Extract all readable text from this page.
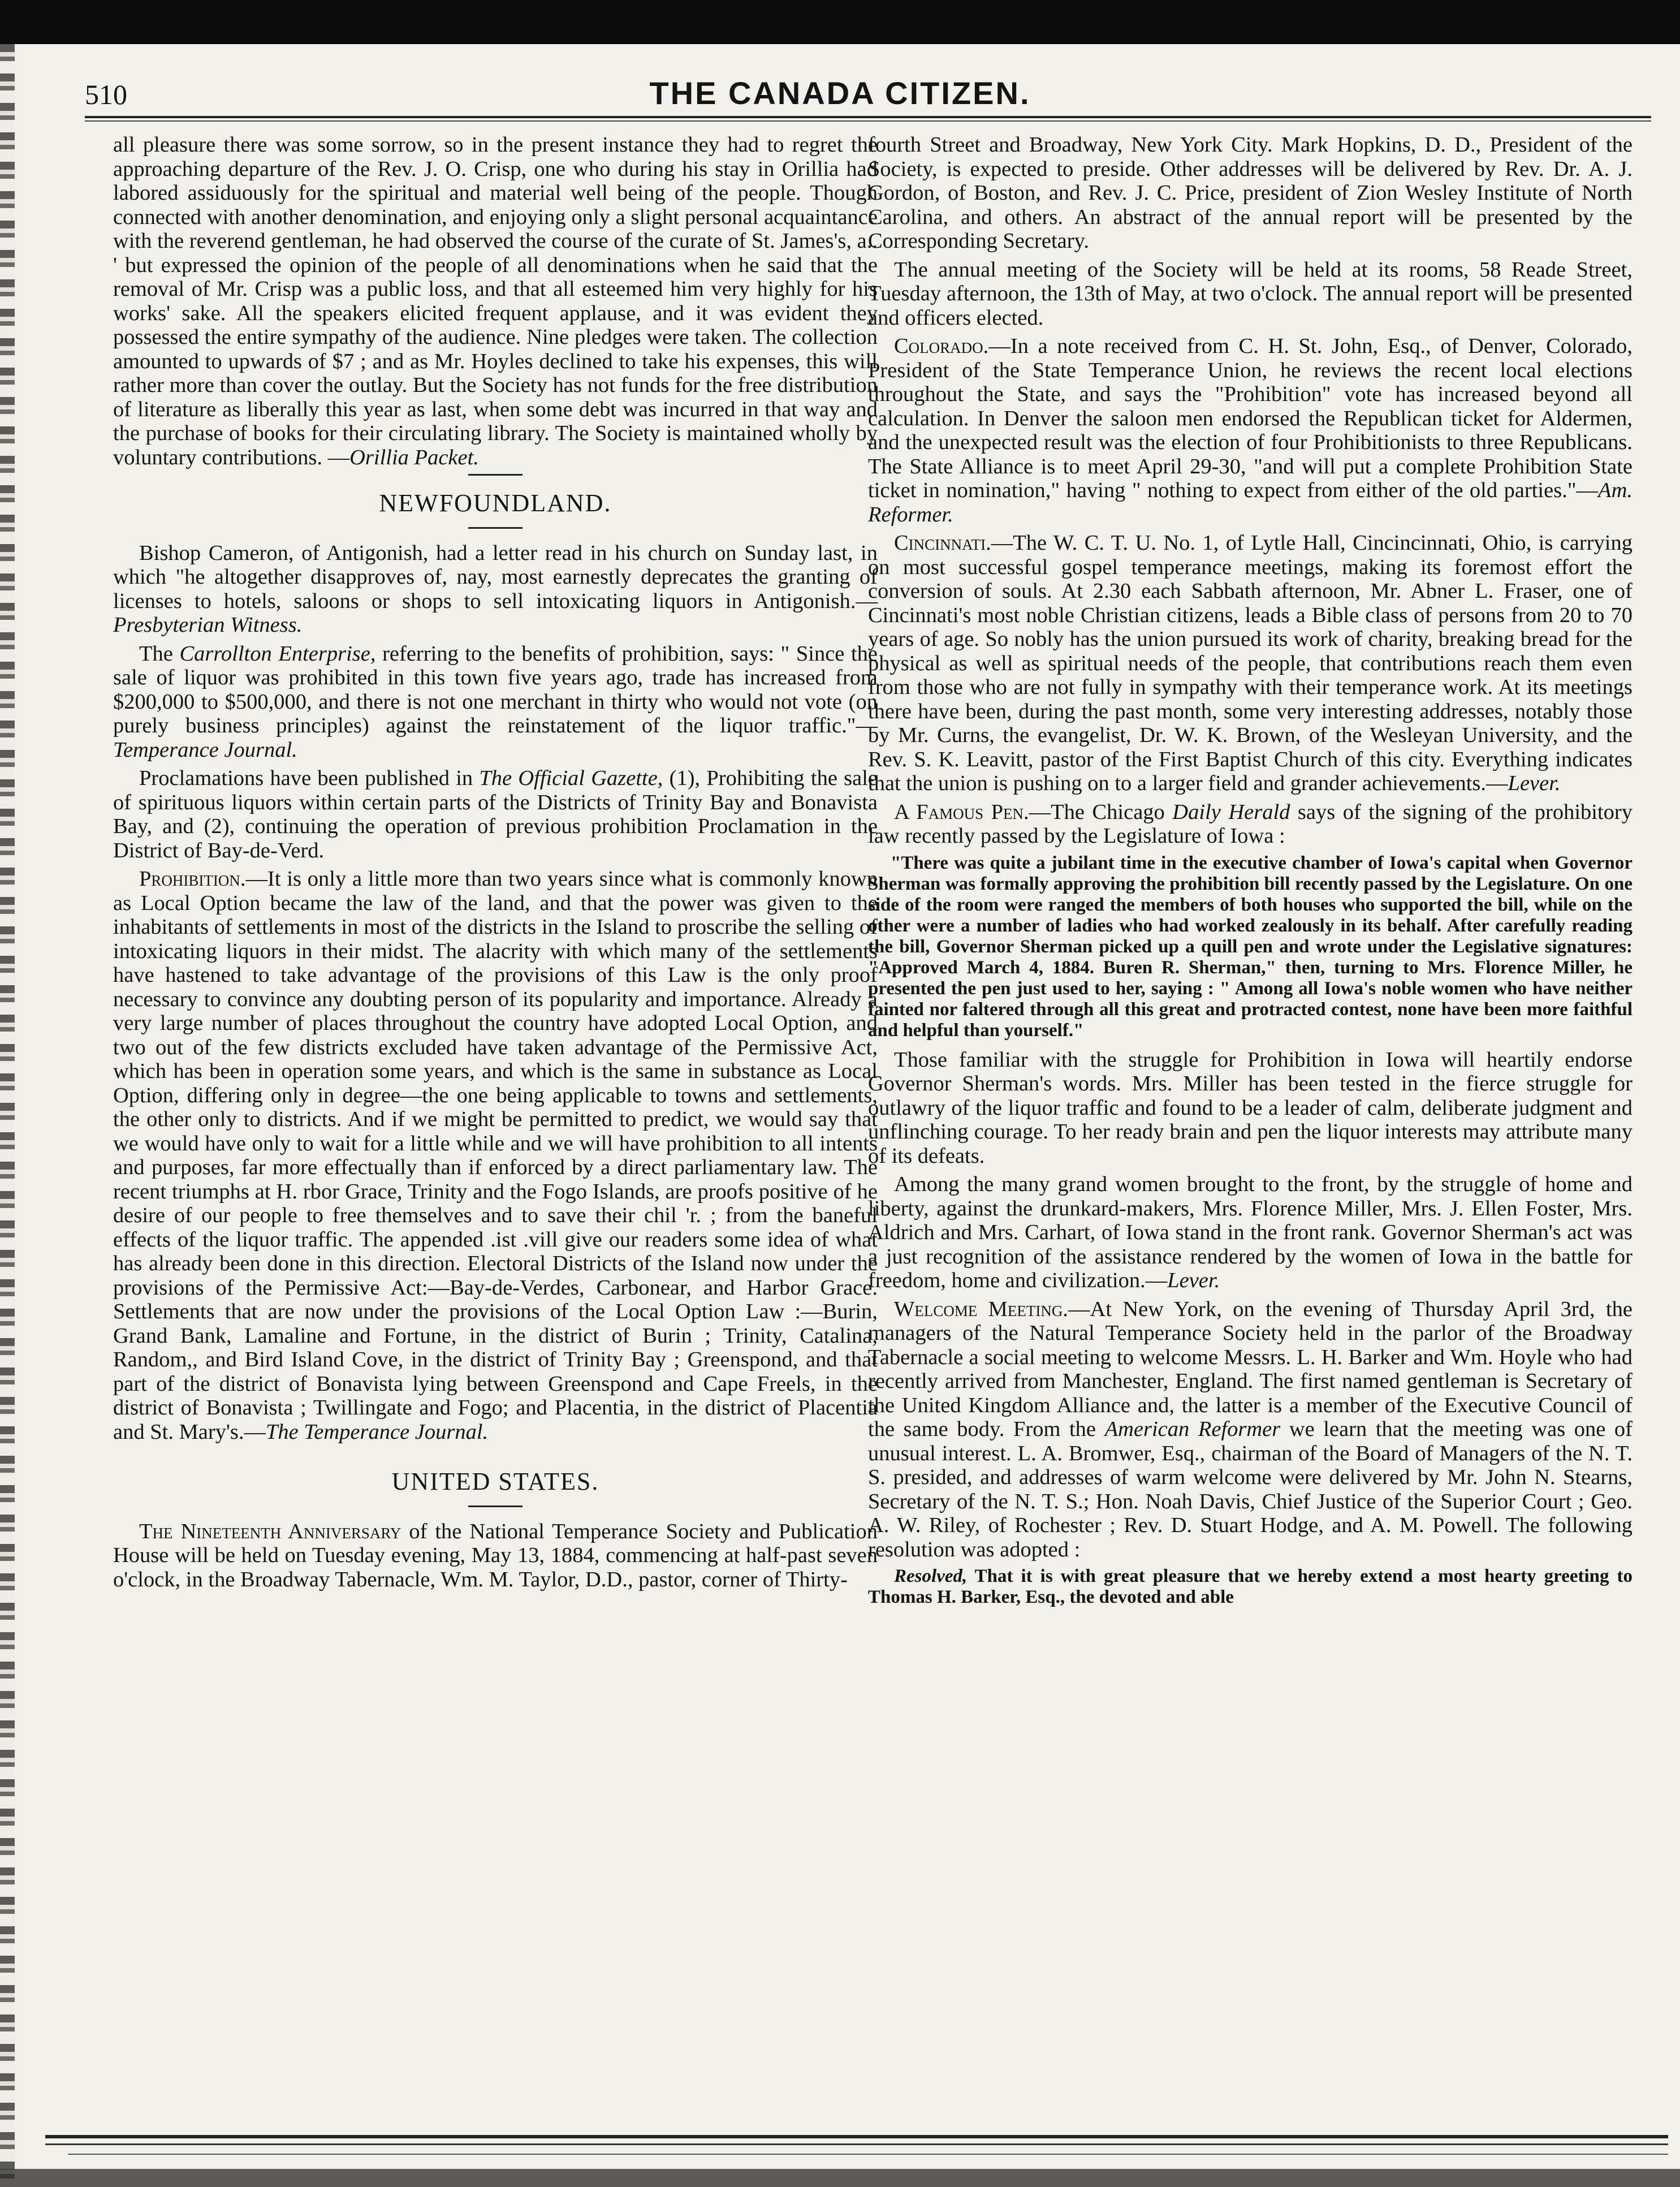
510	THE CANADA CITIZEN.

all pleasure there was some sorrow, so in the present instance they had to regret the approaching departure of the Rev. J. O. Crisp, one who during his stay in Orillia had labored assiduously for the spiritual and material well being of the people. Though connected with another denomination, and enjoying only a slight personal acquaintance with the reverend gentleman, he had observed the course of the curate of St. James's, a.. ' but expressed the opinion of the people of all denominations when he said that the removal of Mr. Crisp was a public loss, and that all esteemed him very highly for his works' sake. All the speakers elicited frequent applause, and it was evident they possessed the entire sympathy of the audience. Nine pledges were taken. The collection amounted to upwards of $7 ; and as Mr. Hoyles declined to take his expenses, this will rather more than cover the outlay. But the Society has not funds for the free distribution of literature as liberally this year as last, when some debt was incurred in that way and the purchase of books for their circulating library. The Society is maintained wholly by voluntary contributions. —Orillia Packet.

NEWFOUNDLAND.

Bishop Cameron, of Antigonish, had a letter read in his church on Sunday last, in which "he altogether disapproves of, nay, most earnestly deprecates the granting of licenses to hotels, saloons or shops to sell intoxicating liquors in Antigonish.—Presbyterian Witness.

The Carrollton Enterprise, referring to the benefits of prohibition, says: " Since the sale of liquor was prohibited in this town five years ago, trade has increased from $200,000 to $500,000, and there is not one merchant in thirty who would not vote (on purely business principles) against the reinstatement of the liquor traffic."—Temperance Journal.

Proclamations have been published in The Official Gazette, (1), Prohibiting the sale of spirituous liquors within certain parts of the Districts of Trinity Bay and Bonavista Bay, and (2), continuing the operation of previous prohibition Proclamation in the District of Bay-de-Verd.

Prohibition.—It is only a little more than two years since what is commonly known as Local Option became the law of the land, and that the power was given to the inhabitants of settlements in most of the districts in the Island to proscribe the selling of intoxicating liquors in their midst. The alacrity with which many of the settlements have hastened to take advantage of the provisions of this Law is the only proof necessary to convince any doubting person of its popularity and importance. Already a very large number of places throughout the country have adopted Local Option, and two out of the few districts excluded have taken advantage of the Permissive Act, which has been in operation some years, and which is the same in substance as Local Option, differing only in degree—the one being applicable to towns and settlements, the other only to districts. And if we might be permitted to predict, we would say that we would have only to wait for a little while and we will have prohibition to all intents and purposes, far more effectually than if enforced by a direct parliamentary law. The recent triumphs at H. rbor Grace, Trinity and the Fogo Islands, are proofs positive of he desire of our people to free themselves and to save their chil 'r. ; from the baneful effects of the liquor traffic. The appended .ist .vill give our readers some idea of what has already been done in this direction. Electoral Districts of the Island now under the provisions of the Permissive Act:—Bay-de-Verdes, Carbonear, and Harbor Grace. Settlements that are now under the provisions of the Local Option Law :—Burin, Grand Bank, Lamaline and Fortune, in the district of Burin ; Trinity, Catalina, Random,, and Bird Island Cove, in the district of Trinity Bay ; Greenspond, and that part of the district of Bonavista lying between Greenspond and Cape Freels, in the district of Bonavista ; Twillingate and Fogo; and Placentia, in the district of Placentia and St. Mary's.—The Temperance Journal.

UNITED STATES.

The Nineteenth Anniversary of the National Temperance Society and Publication House will be held on Tuesday evening, May 13, 1884, commencing at half-past seven o'clock, in the Broadway Tabernacle, Wm. M. Taylor, D.D., pastor, corner of Thirty-

fourth Street and Broadway, New York City. Mark Hopkins, D. D., President of the Society, is expected to preside. Other addresses will be delivered by Rev. Dr. A. J. Gordon, of Boston, and Rev. J. C. Price, president of Zion Wesley Institute of North Carolina, and others. An abstract of the annual report will be presented by the Corresponding Secretary.

The annual meeting of the Society will be held at its rooms, 58 Reade Street, Tuesday afternoon, the 13th of May, at two o'clock. The annual report will be presented and officers elected.

Colorado.—In a note received from C. H. St. John, Esq., of Denver, Colorado, President of the State Temperance Union, he reviews the recent local elections throughout the State, and says the "Prohibition" vote has increased beyond all calculation. In Denver the saloon men endorsed the Republican ticket for Aldermen, and the unexpected result was the election of four Prohibitionists to three Republicans. The State Alliance is to meet April 29-30, "and will put a complete Prohibition State ticket in nomination," having " nothing to expect from either of the old parties."—Am. Reformer.

Cincinnati.—The W. C. T. U. No. 1, of Lytle Hall, Cincincinnati, Ohio, is carrying on most successful gospel temperance meetings, making its foremost effort the conversion of souls. At 2.30 each Sabbath afternoon, Mr. Abner L. Fraser, one of Cincinnati's most noble Christian citizens, leads a Bible class of persons from 20 to 70 years of age. So nobly has the union pursued its work of charity, breaking bread for the physical as well as spiritual needs of the people, that contributions reach them even from those who are not fully in sympathy with their temperance work. At its meetings there have been, during the past month, some very interesting addresses, notably those by Mr. Curns, the evangelist, Dr. W. K. Brown, of the Wesleyan University, and the Rev. S. K. Leavitt, pastor of the First Baptist Church of this city. Everything indicates that the union is pushing on to a larger field and grander achievements.—Lever.

A Famous Pen.—The Chicago Daily Herald says of the signing of the prohibitory law recently passed by the Legislature of Iowa :

"There was quite a jubilant time in the executive chamber of Iowa's capital when Governor Sherman was formally approving the prohibition bill recently passed by the Legislature. On one side of the room were ranged the members of both houses who supported the bill, while on the other were a number of ladies who had worked zealously in its behalf. After carefully reading the bill, Governor Sherman picked up a quill pen and wrote under the Legislative signatures: "Approved March 4, 1884. Buren R. Sherman," then, turning to Mrs. Florence Miller, he presented the pen just used to her, saying : " Among all Iowa's noble women who have neither fainted nor faltered through all this great and protracted contest, none have been more faithful and helpful than yourself."

Those familiar with the struggle for Prohibition in Iowa will heartily endorse Governor Sherman's words. Mrs. Miller has been tested in the fierce struggle for outlawry of the liquor traffic and found to be a leader of calm, deliberate judgment and unflinching courage. To her ready brain and pen the liquor interests may attribute many of its defeats.

Among the many grand women brought to the front, by the struggle of home and liberty, against the drunkard-makers, Mrs. Florence Miller, Mrs. J. Ellen Foster, Mrs. Aldrich and Mrs. Carhart, of Iowa stand in the front rank. Governor Sherman's act was a just recognition of the assistance rendered by the women of Iowa in the battle for freedom, home and civilization.—Lever.

Welcome Meeting.—At New York, on the evening of Thursday April 3rd, the managers of the Natural Temperance Society held in the parlor of the Broadway Tabernacle a social meeting to welcome Messrs. L. H. Barker and Wm. Hoyle who had recently arrived from Manchester, England. The first named gentleman is Secretary of the United Kingdom Alliance and, the latter is a member of the Executive Council of the same body. From the American Reformer we learn that the meeting was one of unusual interest. L. A. Bromwer, Esq., chairman of the Board of Managers of the N. T. S. presided, and addresses of warm welcome were delivered by Mr. John N. Stearns, Secretary of the N. T. S.; Hon. Noah Davis, Chief Justice of the Superior Court ; Geo. A. W. Riley, of Rochester ; Rev. D. Stuart Hodge, and A. M. Powell. The following resolution was adopted :

Resolved, That it is with great pleasure that we hereby extend a most hearty greeting to Thomas H. Barker, Esq., the devoted and able
